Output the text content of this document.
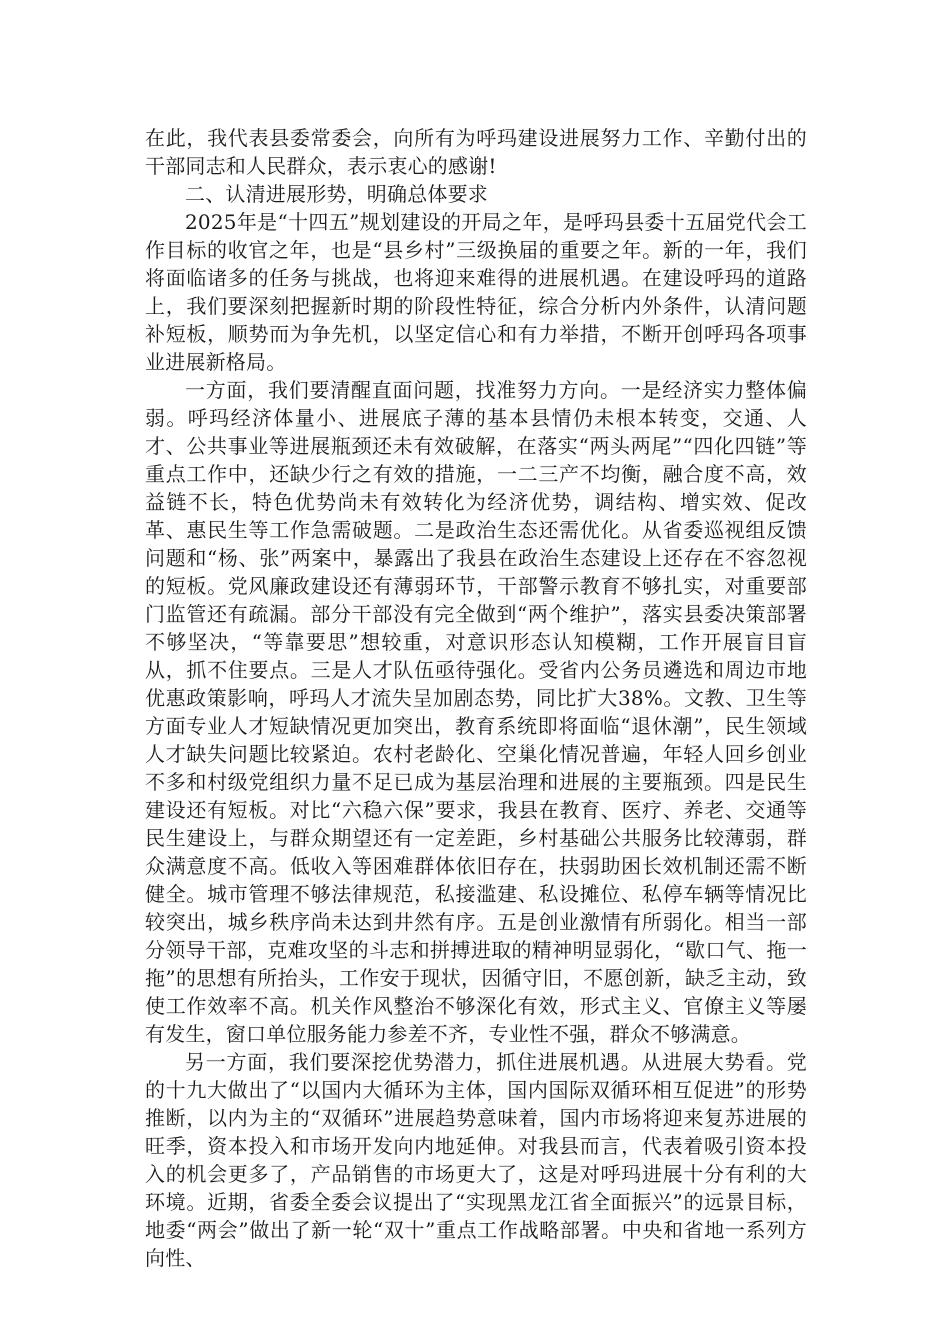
在此，我代表县委常委会，向所有为呼玛建设进展努力工作、辛勤付出的干部同志和人民群众，表示衷心的感谢!

二、认清进展形势，明确总体要求

2025年是“十四五”规划建设的开局之年，是呼玛县委十五届党代会工作目标的收官之年，也是“县乡村”三级换届的重要之年。新的一年，我们将面临诸多的任务与挑战，也将迎来难得的进展机遇。在建设呼玛的道路上，我们要深刻把握新时期的阶段性特征，综合分析内外条件，认清问题补短板，顺势而为争先机，以坚定信心和有力举措，不断开创呼玛各项事业进展新格局。

一方面，我们要清醒直面问题，找准努力方向。一是经济实力整体偏弱。呼玛经济体量小、进展底子薄的基本县情仍未根本转变，交通、人才、公共事业等进展瓶颈还未有效破解，在落实“两头两尾”“四化四链”等重点工作中，还缺少行之有效的措施，一二三产不均衡，融合度不高，效益链不长，特色优势尚未有效转化为经济优势，调结构、增实效、促改革、惠民生等工作急需破题。二是政治生态还需优化。从省委巡视组反馈问题和“杨、张”两案中，暴露出了我县在政治生态建设上还存在不容忽视的短板。党风廉政建设还有薄弱环节，干部警示教育不够扎实，对重要部门监管还有疏漏。部分干部没有完全做到“两个维护”，落实县委决策部署不够坚决，“等靠要思”想较重，对意识形态认知模糊，工作开展盲目盲从，抓不住要点。三是人才队伍亟待强化。受省内公务员遴选和周边市地优惠政策影响，呼玛人才流失呈加剧态势，同比扩大38%。文教、卫生等方面专业人才短缺情况更加突出，教育系统即将面临“退休潮”，民生领域人才缺失问题比较紧迫。农村老龄化、空巢化情况普遍，年轻人回乡创业不多和村级党组织力量不足已成为基层治理和进展的主要瓶颈。四是民生建设还有短板。对比“六稳六保”要求，我县在教育、医疗、养老、交通等民生建设上，与群众期望还有一定差距，乡村基础公共服务比较薄弱，群众满意度不高。低收入等困难群体依旧存在，扶弱助困长效机制还需不断健全。城市管理不够法律规范，私接滥建、私设摊位、私停车辆等情况比较突出，城乡秩序尚未达到井然有序。五是创业激情有所弱化。相当一部分领导干部，克难攻坚的斗志和拼搏进取的精神明显弱化，“歇口气、拖一拖”的思想有所抬头，工作安于现状，因循守旧，不愿创新，缺乏主动，致使工作效率不高。机关作风整治不够深化有效，形式主义、官僚主义等屡有发生，窗口单位服务能力参差不齐，专业性不强，群众不够满意。

另一方面，我们要深挖优势潜力，抓住进展机遇。从进展大势看。党的十九大做出了“以国内大循环为主体，国内国际双循环相互促进”的形势推断，以内为主的“双循环”进展趋势意味着，国内市场将迎来复苏进展的旺季，资本投入和市场开发向内地延伸。对我县而言，代表着吸引资本投入的机会更多了，产品销售的市场更大了，这是对呼玛进展十分有利的大环境。近期，省委全委会议提出了“实现黑龙江省全面振兴”的远景目标，地委“两会”做出了新一轮“双十”重点工作战略部署。中央和省地一系列方向性、
